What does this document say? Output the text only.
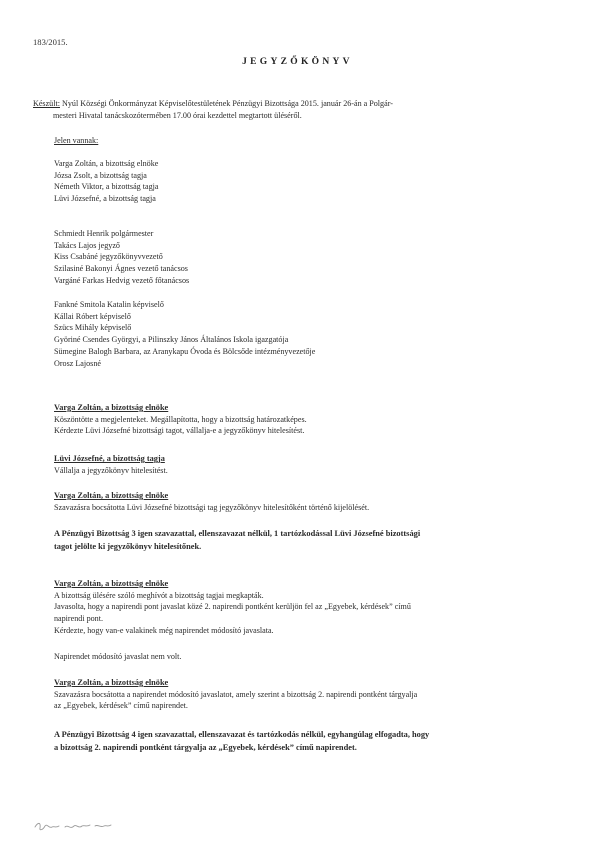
183/2015.
JEGYZŐKÖNYV
Készült: Nyúl Községi Önkormányzat Képviselőtestületének Pénzügyi Bizottsága 2015. január 26-án a Polgár-
mesteri Hivatal tanácskozótermében 17.00 órai kezdettel megtartott üléséről.
Jelen vannak:
Varga Zoltán, a bizottság elnöke
Józsa Zsolt, a bizottság tagja
Németh Viktor, a bizottság tagja
Lüvi Józsefné, a bizottság tagja
Schmiedt Henrik polgármester
Takács Lajos jegyző
Kiss Csabáné jegyzőkönyvvezető
Szilasiné Bakonyi Ágnes vezető tanácsos
Vargáné Farkas Hedvig vezető főtanácsos
Fankné Smitola Katalin képviselő
Kállai Róbert képviselő
Szücs Mihály képviselő
Györiné Csendes Györgyi, a Pilinszky János Általános Iskola igazgatója
Sümegine Balogh Barbara, az Aranykapu Óvoda és Bölcsőde intézményvezetője
Orosz Lajosné
Varga Zoltán, a bizottság elnöke
Köszöntötte a megjelenteket. Megállapította, hogy a bizottság határozatképes.
Kérdezte Lüvi Józsefné bizottsági tagot, vállalja-e a jegyzőkönyv hitelesítést.
Lüvi Józsefné, a bizottság tagja
Vállalja a jegyzőkönyv hitelesítést.
Varga Zoltán, a bizottság elnöke
Szavazásra bocsátotta Lüvi Józsefné bizottsági tag jegyzőkönyv hitelesítőként történő kijelölését.
A Pénzügyi Bizottság 3 igen szavazattal, ellenszavazat nélkül, 1 tartózkodással Lüvi Józsefné bizottsági
tagot jelölte ki jegyzőkönyv hitelesítőnek.
Varga Zoltán, a bizottság elnöke
A bizottság ülésére szóló meghívót a bizottság tagjai megkapták.
Javasolta, hogy a napirendi pont javaslat közé 2. napirendi pontként kerüljön fel az „Egyebek, kérdések” című
napirendi pont.
Kérdezte, hogy van-e valakinek még napirendet módosító javaslata.
Napirendet módosító javaslat nem volt.
Varga Zoltán, a bizottság elnöke
Szavazásra bocsátotta a napirendet módosító javaslatot, amely szerint a bizottság 2. napirendi pontként tárgyalja
az „Egyebek, kérdések” című napirendet.
A Pénzügyi Bizottság 4 igen szavazattal, ellenszavazat és tartózkodás nélkül, egyhangúlag elfogadta, hogy
a bizottság 2. napirendi pontként tárgyalja az „Egyebek, kérdések” című napirendet.
